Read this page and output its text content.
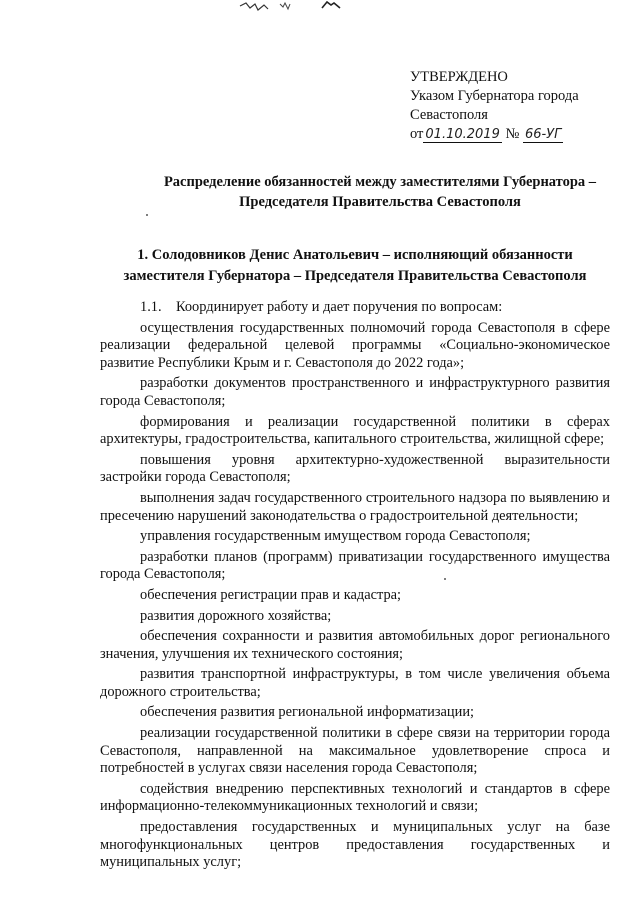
УТВЕРЖДЕНО
Указом Губернатора города
Севастополя
от 01.10.2019 № 66-УГ
Распределение обязанностей между заместителями Губернатора –
Председателя Правительства Севастополя
1. Солодовников Денис Анатольевич – исполняющий обязанности
заместителя Губернатора – Председателя Правительства Севастополя

1.1.    Координирует работу и дает поручения по вопросам:

осуществления государственных полномочий города Севастополя в сфере реализации федеральной целевой программы «Социально-экономическое развитие Республики Крым и г. Севастополя до 2022 года»;

разработки документов пространственного и инфраструктурного развития города Севастополя;

формирования и реализации государственной политики в сферах архитектуры, градостроительства, капитального строительства, жилищной сфере;

повышения уровня архитектурно-художественной выразительности застройки города Севастополя;

выполнения задач государственного строительного надзора по выявлению и пресечению нарушений законодательства о градостроительной деятельности;

управления государственным имуществом города Севастополя;

разработки планов (программ) приватизации государственного имущества города Севастополя;

обеспечения регистрации прав и кадастра;

развития дорожного хозяйства;

обеспечения сохранности и развития автомобильных дорог регионального значения, улучшения их технического состояния;

развития транспортной инфраструктуры, в том числе увеличения объема дорожного строительства;

обеспечения развития региональной информатизации;

реализации государственной политики в сфере связи на территории города Севастополя, направленной на максимальное удовлетворение спроса и потребностей в услугах связи населения города Севастополя;

содействия внедрению перспективных технологий и стандартов в сфере информационно-телекоммуникационных технологий и связи;

предоставления государственных и муниципальных услуг на базе многофункциональных центров предоставления государственных и муниципальных услуг;
